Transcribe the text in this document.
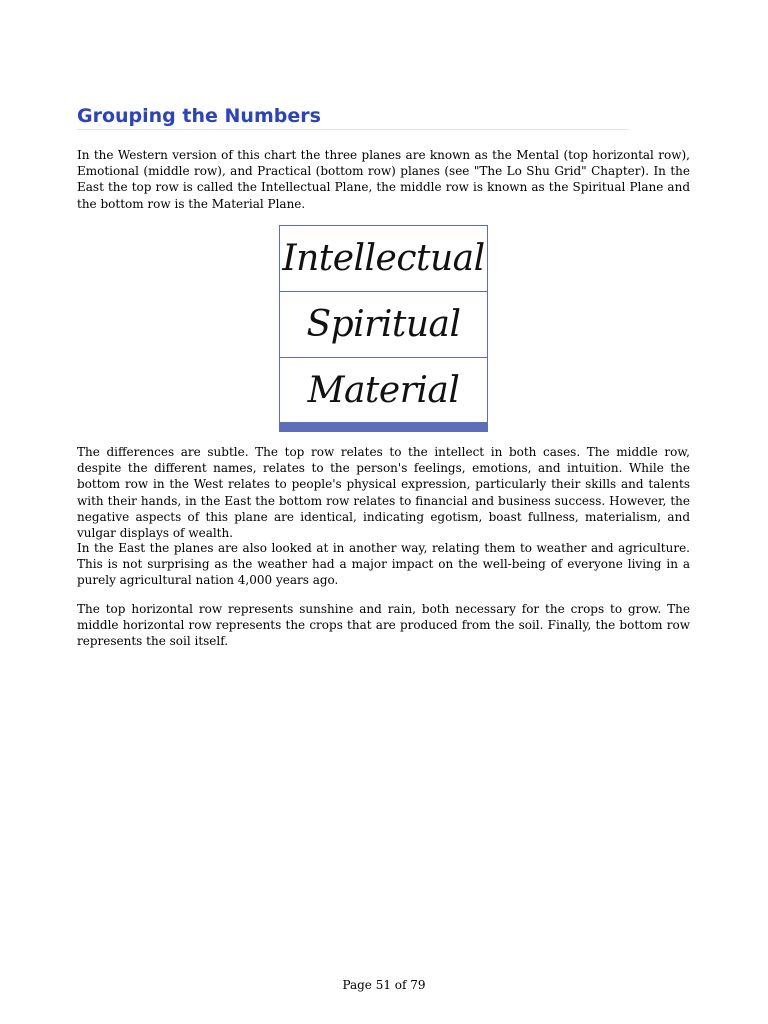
Grouping the Numbers

In the Western version of this chart the three planes are known as the Mental (top horizontal row), Emotional (middle row), and Practical (bottom row) planes (see "The Lo Shu Grid" Chapter). In the East the top row is called the Intellectual Plane, the middle row is known as the Spiritual Plane and the bottom row is the Material Plane.

Intellectual
Spiritual
Material

The differences are subtle. The top row relates to the intellect in both cases. The middle row, despite the different names, relates to the person's feelings, emotions, and intuition. While the bottom row in the West relates to people's physical expression, particularly their skills and talents with their hands, in the East the bottom row relates to financial and business success. However, the negative aspects of this plane are identical, indicating egotism, boast fullness, materialism, and vulgar displays of wealth.

In the East the planes are also looked at in another way, relating them to weather and agriculture. This is not surprising as the weather had a major impact on the well-being of everyone living in a purely agricultural nation 4,000 years ago.

The top horizontal row represents sunshine and rain, both necessary for the crops to grow. The middle horizontal row represents the crops that are produced from the soil. Finally, the bottom row represents the soil itself.

Page 51 of 79
